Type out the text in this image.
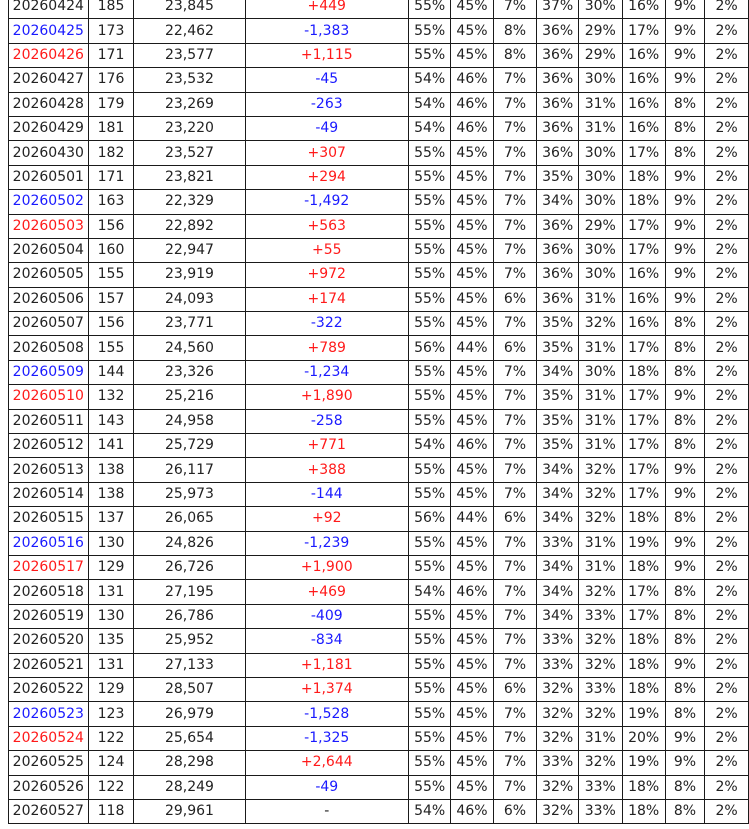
20260424	185	23,845	+449	55%	45%	7%	37%	30%	16%	9%	2%
20260425	173	22,462	-1,383	55%	45%	8%	36%	29%	17%	9%	2%
20260426	171	23,577	+1,115	55%	45%	8%	36%	29%	16%	9%	2%
20260427	176	23,532	-45	54%	46%	7%	36%	30%	16%	9%	2%
20260428	179	23,269	-263	54%	46%	7%	36%	31%	16%	8%	2%
20260429	181	23,220	-49	54%	46%	7%	36%	31%	16%	8%	2%
20260430	182	23,527	+307	55%	45%	7%	36%	30%	17%	8%	2%
20260501	171	23,821	+294	55%	45%	7%	35%	30%	18%	9%	2%
20260502	163	22,329	-1,492	55%	45%	7%	34%	30%	18%	9%	2%
20260503	156	22,892	+563	55%	45%	7%	36%	29%	17%	9%	2%
20260504	160	22,947	+55	55%	45%	7%	36%	30%	17%	9%	2%
20260505	155	23,919	+972	55%	45%	7%	36%	30%	16%	9%	2%
20260506	157	24,093	+174	55%	45%	6%	36%	31%	16%	9%	2%
20260507	156	23,771	-322	55%	45%	7%	35%	32%	16%	8%	2%
20260508	155	24,560	+789	56%	44%	6%	35%	31%	17%	8%	2%
20260509	144	23,326	-1,234	55%	45%	7%	34%	30%	18%	8%	2%
20260510	132	25,216	+1,890	55%	45%	7%	35%	31%	17%	9%	2%
20260511	143	24,958	-258	55%	45%	7%	35%	31%	17%	8%	2%
20260512	141	25,729	+771	54%	46%	7%	35%	31%	17%	8%	2%
20260513	138	26,117	+388	55%	45%	7%	34%	32%	17%	9%	2%
20260514	138	25,973	-144	55%	45%	7%	34%	32%	17%	9%	2%
20260515	137	26,065	+92	56%	44%	6%	34%	32%	18%	8%	2%
20260516	130	24,826	-1,239	55%	45%	7%	33%	31%	19%	9%	2%
20260517	129	26,726	+1,900	55%	45%	7%	34%	31%	18%	9%	2%
20260518	131	27,195	+469	54%	46%	7%	34%	32%	17%	8%	2%
20260519	130	26,786	-409	55%	45%	7%	34%	33%	17%	8%	2%
20260520	135	25,952	-834	55%	45%	7%	33%	32%	18%	8%	2%
20260521	131	27,133	+1,181	55%	45%	7%	33%	32%	18%	9%	2%
20260522	129	28,507	+1,374	55%	45%	6%	32%	33%	18%	8%	2%
20260523	123	26,979	-1,528	55%	45%	7%	32%	32%	19%	8%	2%
20260524	122	25,654	-1,325	55%	45%	7%	32%	31%	20%	9%	2%
20260525	124	28,298	+2,644	55%	45%	7%	33%	32%	19%	9%	2%
20260526	122	28,249	-49	55%	45%	7%	32%	33%	18%	8%	2%
20260527	118	29,961	-	54%	46%	6%	32%	33%	18%	8%	2%
